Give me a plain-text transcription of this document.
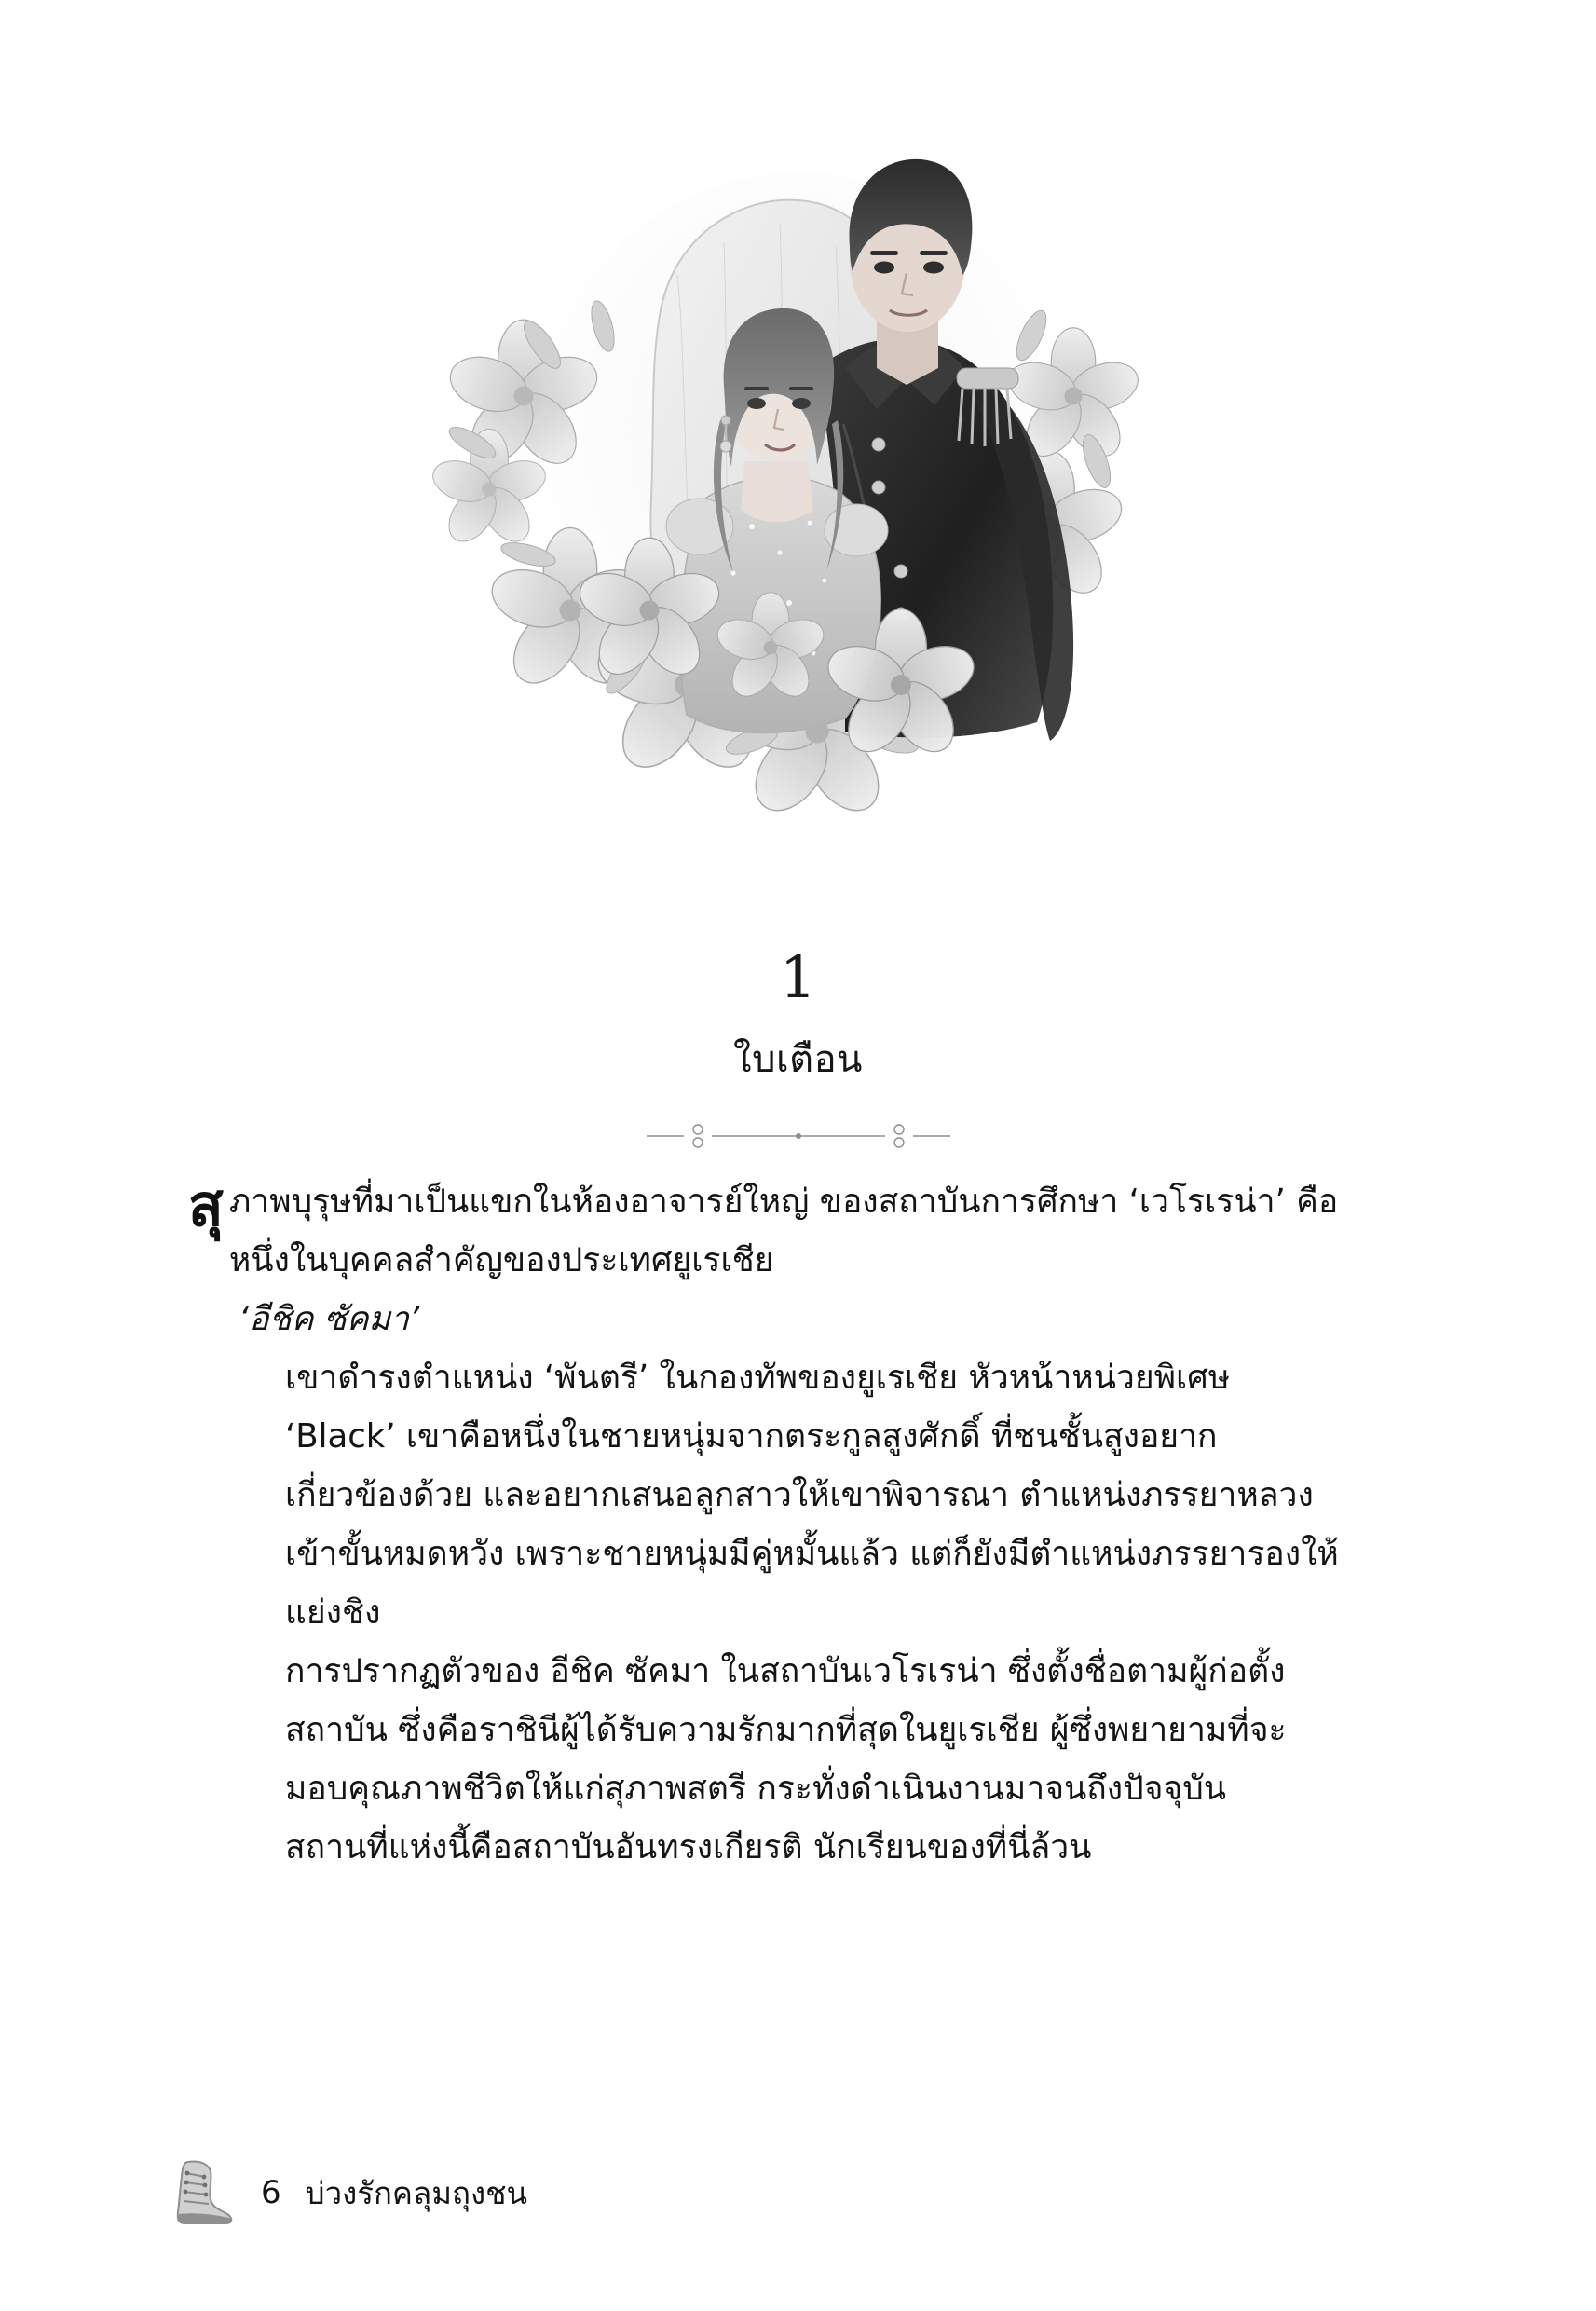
1
ใบเตือน

สุ ภาพบุรุษที่มาเป็นแขกในห้องอาจารย์ใหญ่ ของสถาบันการศึกษา ‘เวโรเรน่า’ คือหนึ่งในบุคคลสำคัญของประเทศยูเรเชีย

‘อีชิค ซัคมา’

เขาดำรงตำแหน่ง ‘พันตรี’ ในกองทัพของยูเรเชีย หัวหน้าหน่วยพิเศษ ‘Black’ เขาคือหนึ่งในชายหนุ่มจากตระกูลสูงศักดิ์ ที่ชนชั้นสูงอยากเกี่ยวข้องด้วย และอยากเสนอลูกสาวให้เขาพิจารณา ตำแหน่งภรรยาหลวงเข้าขั้นหมดหวัง เพราะชายหนุ่มมีคู่หมั้นแล้ว แต่ก็ยังมีตำแหน่งภรรยารองให้แย่งชิง

การปรากฏตัวของ อีชิค ซัคมา ในสถาบันเวโรเรน่า ซึ่งตั้งชื่อตามผู้ก่อตั้งสถาบัน ซึ่งคือราชินีผู้ได้รับความรักมากที่สุดในยูเรเชีย ผู้ซึ่งพยายามที่จะมอบคุณภาพชีวิตให้แก่สุภาพสตรี กระทั่งดำเนินงานมาจนถึงปัจจุบัน

สถานที่แห่งนี้คือสถาบันอันทรงเกียรติ นักเรียนของที่นี่ล้วน

6 บ่วงรักคลุมถุงชน
